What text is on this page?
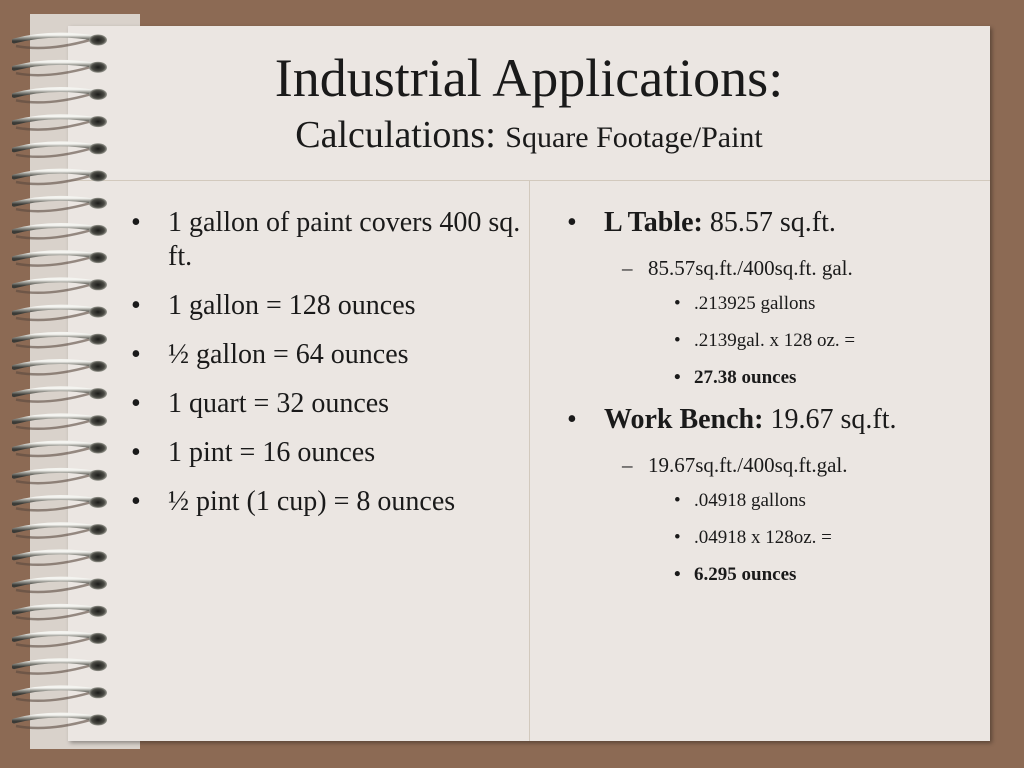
Industrial Applications:

Calculations: Square Footage/Paint

• 1 gallon of paint covers 400 sq. ft.
• 1 gallon = 128 ounces
• ½ gallon = 64 ounces
• 1 quart = 32 ounces
• 1 pint = 16 ounces
• ½ pint (1 cup) = 8 ounces
• L Table: 85.57 sq.ft.
– 85.57sq.ft./400sq.ft. gal.
• .213925 gallons
• .2139gal. x 128 oz. =
• 27.38 ounces
• Work Bench: 19.67 sq.ft.
– 19.67sq.ft./400sq.ft.gal.
• .04918 gallons
• .04918 x 128oz. =
• 6.295 ounces
